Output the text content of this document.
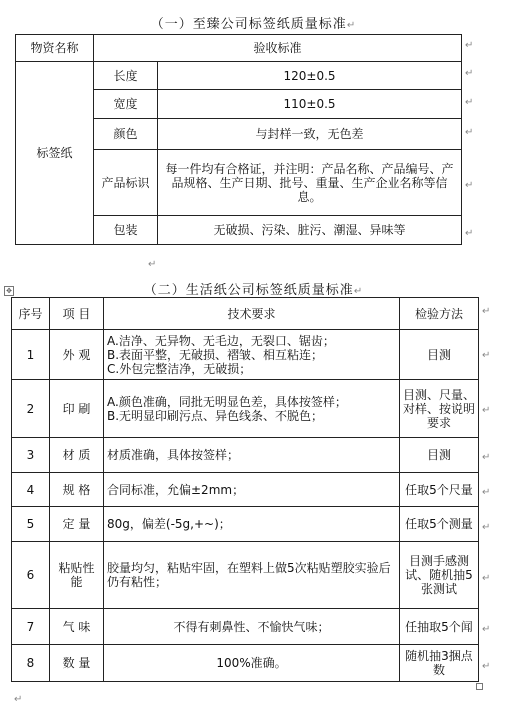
（一）至臻公司标签纸质量标准↵
物资名称	验收标准	
标签纸	长度	120±0.5
	宽度	110±0.5
	颜色	与封样一致，无色差
	产品标识	每一件均有合格证，并注明：产品名称、产品编号、产品规格、生产日期、批号、重量、生产企业名称等信息。
	包装	无破损、污染、脏污、潮湿、异味等
↵
↵
↵
↵
↵
↵
↵
✥	（二）生活纸公司标签纸质量标准↵
序号	项 目	技术要求	检验方法
1	外 观	A.洁净、无异物、无毛边，无裂口、锯齿；
B.表面平整，无破损、褶皱、相互粘连；
C.外包完整洁净，无破损；	目测
2	印 刷	A.颜色准确，同批无明显色差，具体按签样；
B.无明显印刷污点、异色线条、不脱色；	目测、尺量、对样、按说明要求
3	材 质	材质准确，具体按签样；	目测
4	规 格	合同标准，允偏±2mm；	任取5个尺量
5	定 量	80g，偏差(-5g,+~)；	任取5个测量
6	粘贴性能	胶量均匀，粘贴牢固，在塑料上做5次粘贴塑胶实验后仍有粘性；	目测手感测试、随机抽5张测试
7	气 味	不得有刺鼻性、不愉快气味；	任抽取5个闻
8	数 量	100%准确。	随机抽3捆点数
↵
↵
↵
↵
↵
↵
↵
↵
↵
↵
